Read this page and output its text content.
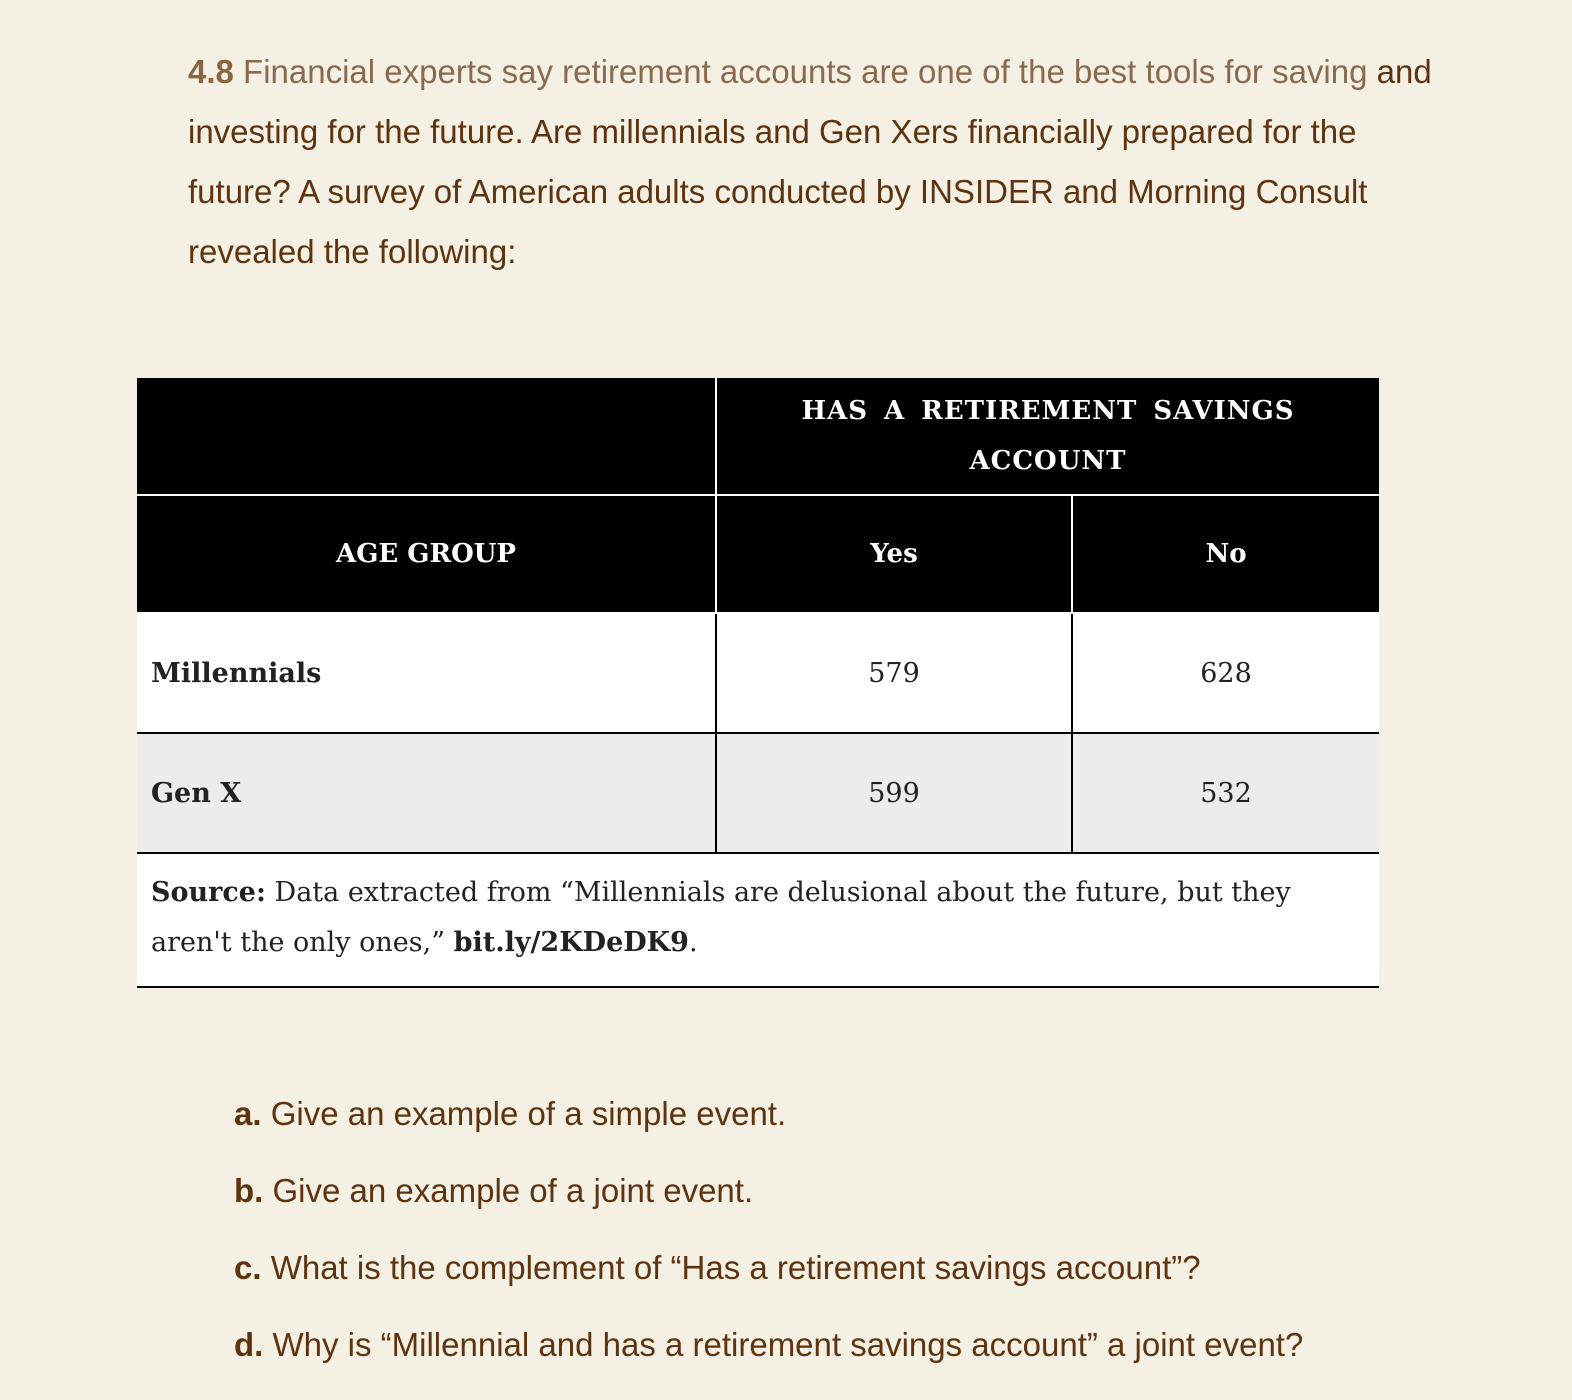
4.8 Financial experts say retirement accounts are one of the best tools for saving and investing for the future. Are millennials and Gen Xers financially prepared for the future? A survey of American adults conducted by INSIDER and Morning Consult revealed the following:

	HAS A RETIREMENT SAVINGS ACCOUNT	
AGE GROUP	Yes	No
Millennials	579	628
Gen X	599	532
Source: Data extracted from “Millennials are delusional about the future, but they aren't the only ones,” bit.ly/2KDeDK9.		
a. Give an example of a simple event.
b. Give an example of a joint event.
c. What is the complement of “Has a retirement savings account”?
d. Why is “Millennial and has a retirement savings account” a joint event?
